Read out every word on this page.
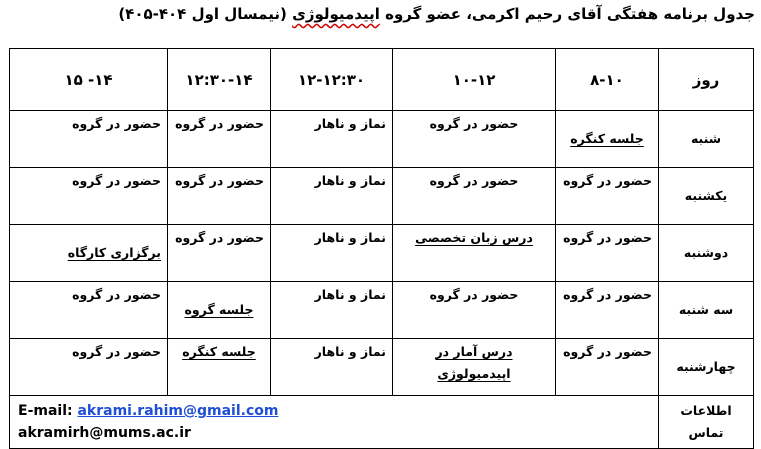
جدول برنامه هفتگی آقای رحیم اکرمی، عضو گروه اپیدمیولوژی (نیمسال اول ۴۰۴-۴۰۵)
روز	۸-۱۰	۱۰-۱۲	۱۲-۱۲:۳۰	۱۲:۳۰-۱۴	۱۴- ۱۵
شنبه	جلسه کنگره	حضور در گروه	نماز و ناهار	حضور در گروه	حضور در گروه
یکشنبه	حضور در گروه	حضور در گروه	نماز و ناهار	حضور در گروه	حضور در گروه
دوشنبه	حضور در گروه	درس زبان تخصصی	نماز و ناهار	حضور در گروه	برگزاری کارگاه
سه شنبه	حضور در گروه	حضور در گروه	نماز و ناهار	جلسه گروه	حضور در گروه
چهارشنبه	حضور در گروه	درس آمار در اپیدمیولوژی	نماز و ناهار	جلسه کنگره	حضور در گروه
اطلاعات تماس	E-mail: akrami.rahim@gmail.com
akramirh@mums.ac.ir				
